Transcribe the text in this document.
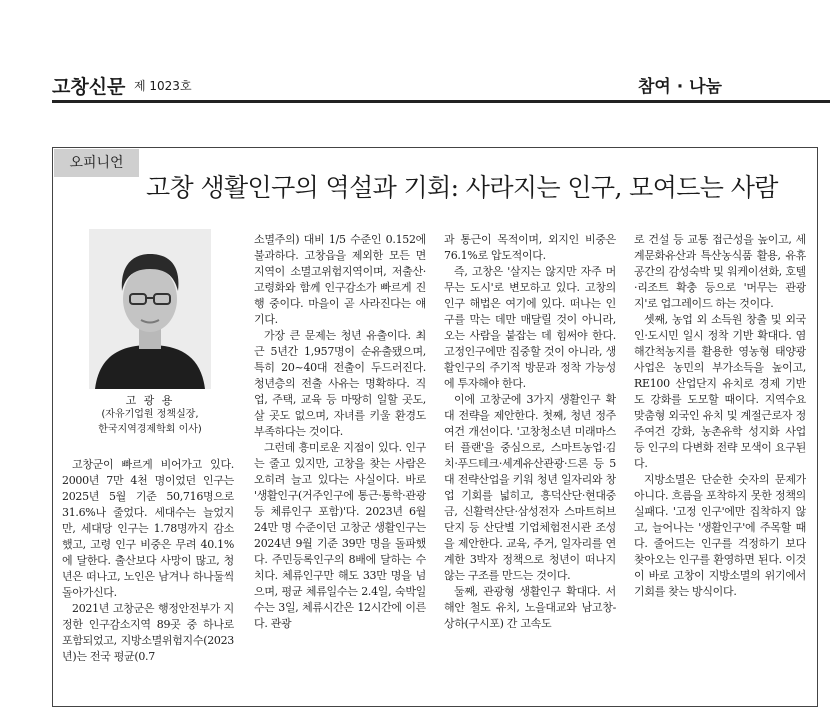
고창신문 제 1023호	참여 · 나눔
오피니언
고창 생활인구의 역설과 기회: 사라지는 인구, 모여드는 사람
고 광 용
(자유기업원 정책실장,
한국지역경제학회 이사)

고창군이 빠르게 비어가고 있다. 2000년 7만 4천 명이었던 인구는 2025년 5월 기준 50,716명으로 31.6%나 줄었다. 세대수는 늘었지만, 세대당 인구는 1.78명까지 감소했고, 고령 인구 비중은 무려 40.1%에 달한다. 출산보다 사망이 많고, 청년은 떠나고, 노인은 남겨나 하나둘씩 돌아가신다.

2021년 고창군은 행정안전부가 지정한 인구감소지역 89곳 중 하나로 포함되었고, 지방소멸위험지수(2023년)는 전국 평균(0.7

소멸주의) 대비 1/5 수준인 0.152에 불과하다. 고창읍을 제외한 모든 면 지역이 소멸고위험지역이며, 저출산·고령화와 함께 인구감소가 빠르게 진행 중이다. 마을이 곧 사라진다는 얘기다.

가장 큰 문제는 청년 유출이다. 최근 5년간 1,957명이 순유출됐으며, 특히 20~40대 전출이 두드러진다. 청년층의 전출 사유는 명확하다. 직업, 주택, 교육 등 마땅히 일할 곳도, 살 곳도 없으며, 자녀를 키울 환경도 부족하다는 것이다.

그런데 흥미로운 지점이 있다. 인구는 줄고 있지만, 고창을 찾는 사람은 오히려 늘고 있다는 사실이다. 바로 '생활인구(거주인구에 통근·통학·관광 등 체류인구 포함)'다. 2023년 6월 24만 명 수준이던 고창군 생활인구는 2024년 9월 기준 39만 명을 돌파했다. 주민등록인구의 8배에 달하는 수치다. 체류인구만 해도 33만 명을 넘으며, 평균 체류일수는 2.4일, 숙박일수는 3일, 체류시간은 12시간에 이른다. 관광

과 통근이 목적이며, 외지인 비중은 76.1%로 압도적이다.

즉, 고창은 '살지는 않지만 자주 머무는 도시'로 변모하고 있다. 고창의 인구 해법은 여기에 있다. 떠나는 인구를 막는 데만 매달릴 것이 아니라, 오는 사람을 붙잡는 데 힘써야 한다. 고정인구에만 집중할 것이 아니라, 생활인구의 주기적 방문과 정착 가능성에 투자해야 한다.

이에 고창군에 3가지 생활인구 확대 전략을 제안한다. 첫째, 청년 정주 여건 개선이다. '고창청소년 미래마스터 플랜'을 중심으로, 스마트농업·김치·푸드테크·세계유산관광·드론 등 5대 전략산업을 키워 청년 일자리와 창업 기회를 넓히고, 흥덕산단·현대중금, 신활력산단·삼성전자 스마트허브단지 등 산단별 기업체험전시관 조성을 제안한다. 교육, 주거, 일자리를 연계한 3박자 정책으로 청년이 떠나지 않는 구조를 만드는 것이다.

둘째, 관광형 생활인구 확대다. 서해안 철도 유치, 노을대교와 남고창-상하(구시포) 간 고속도

로 건설 등 교통 접근성을 높이고, 세계문화유산과 특산농식품 활용, 유휴공간의 감성숙박 및 워케이션화, 호텔·리조트 확충 등으로 '머무는 관광지'로 업그레이드 하는 것이다.

셋째, 농업 외 소득원 창출 및 외국인·도시민 일시 정착 기반 확대다. 염해간척농지를 활용한 영농형 태양광 사업은 농민의 부가소득을 높이고, RE100 산업단지 유치로 경제 기반도 강화를 도모할 때이다. 지역수요 맞춤형 외국인 유치 및 계절근로자 정주여건 강화, 농촌유학 성지화 사업 등 인구의 다변화 전략 모색이 요구된다.

지방소멸은 단순한 숫자의 문제가 아니다. 흐름을 포착하지 못한 정책의 실패다. '고정 인구'에만 집착하지 않고, 늘어나는 '생활인구'에 주목할 때다. 줄어드는 인구를 걱정하기 보다 찾아오는 인구를 환영하면 된다. 이것이 바로 고창이 지방소멸의 위기에서 기회를 찾는 방식이다.
